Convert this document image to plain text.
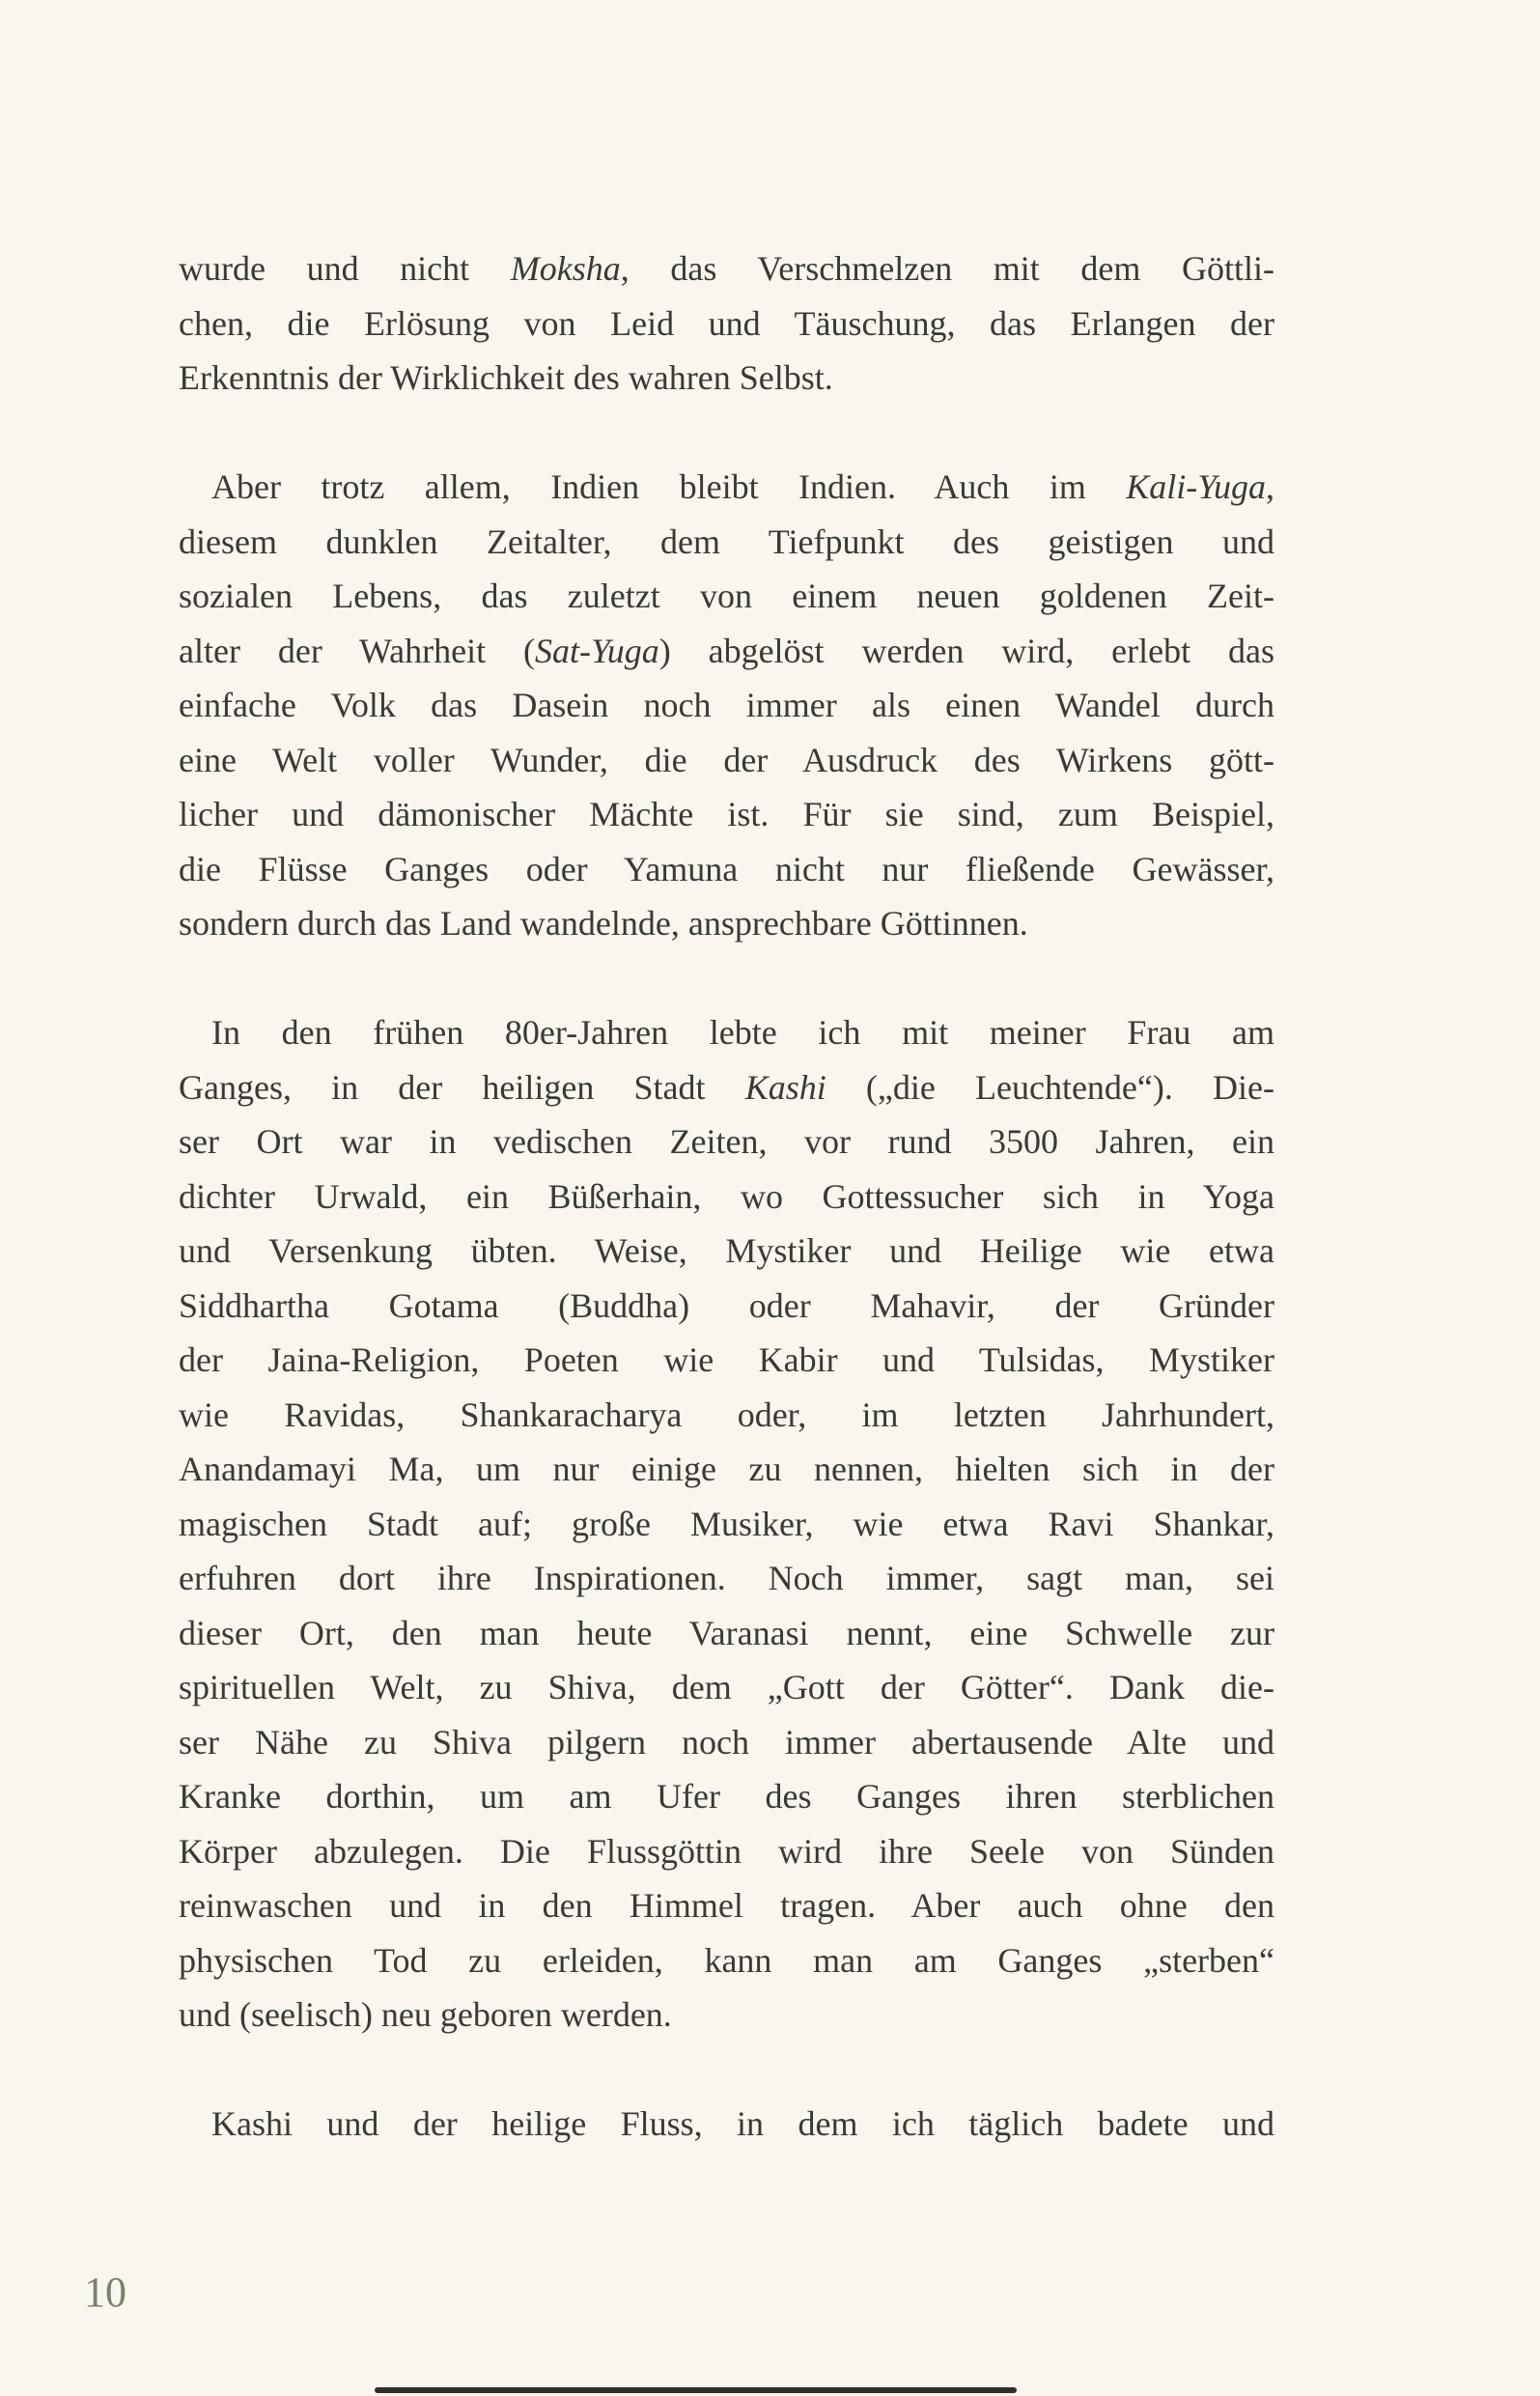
wurde und nicht Moksha, das Verschmelzen mit dem Göttli-
chen, die Erlösung von Leid und Täuschung, das Erlangen der
Erkenntnis der Wirklichkeit des wahren Selbst.
Aber trotz allem, Indien bleibt Indien. Auch im Kali-Yuga,
diesem dunklen Zeitalter, dem Tiefpunkt des geistigen und
sozialen Lebens, das zuletzt von einem neuen goldenen Zeit-
alter der Wahrheit (Sat-Yuga) abgelöst werden wird, erlebt das
einfache Volk das Dasein noch immer als einen Wandel durch
eine Welt voller Wunder, die der Ausdruck des Wirkens gött-
licher und dämonischer Mächte ist. Für sie sind, zum Beispiel,
die Flüsse Ganges oder Yamuna nicht nur fließende Gewässer,
sondern durch das Land wandelnde, ansprechbare Göttinnen.
In den frühen 80er-Jahren lebte ich mit meiner Frau am
Ganges, in der heiligen Stadt Kashi („die Leuchtende“). Die-
ser Ort war in vedischen Zeiten, vor rund 3500 Jahren, ein
dichter Urwald, ein Büßerhain, wo Gottessucher sich in Yoga
und Versenkung übten. Weise, Mystiker und Heilige wie etwa
Siddhartha Gotama (Buddha) oder Mahavir, der Gründer
der Jaina-Religion, Poeten wie Kabir und Tulsidas, Mystiker
wie Ravidas, Shankaracharya oder, im letzten Jahrhundert,
Anandamayi Ma, um nur einige zu nennen, hielten sich in der
magischen Stadt auf; große Musiker, wie etwa Ravi Shankar,
erfuhren dort ihre Inspirationen. Noch immer, sagt man, sei
dieser Ort, den man heute Varanasi nennt, eine Schwelle zur
spirituellen Welt, zu Shiva, dem „Gott der Götter“. Dank die-
ser Nähe zu Shiva pilgern noch immer abertausende Alte und
Kranke dorthin, um am Ufer des Ganges ihren sterblichen
Körper abzulegen. Die Flussgöttin wird ihre Seele von Sünden
reinwaschen und in den Himmel tragen. Aber auch ohne den
physischen Tod zu erleiden, kann man am Ganges „sterben“
und (seelisch) neu geboren werden.
Kashi und der heilige Fluss, in dem ich täglich badete und
10
